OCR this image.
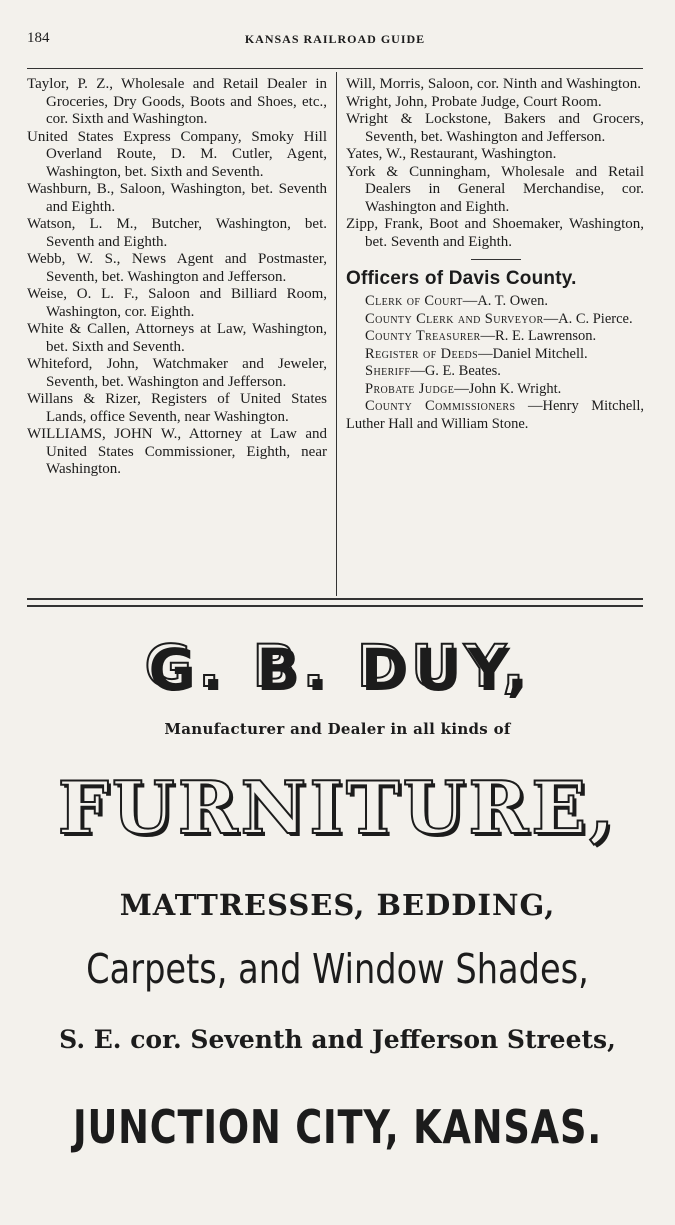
184	KANSAS RAILROAD GUIDE

Taylor, P. Z., Wholesale and Retail Dealer in Groceries, Dry Goods, Boots and Shoes, etc., cor. Sixth and Washington.

United States Express Company, Smoky Hill Overland Route, D. M. Cutler, Agent, Washington, bet. Sixth and Seventh.

Washburn, B., Saloon, Washington, bet. Seventh and Eighth.

Watson, L. M., Butcher, Washington, bet. Seventh and Eighth.

Webb, W. S., News Agent and Postmaster, Seventh, bet. Washington and Jefferson.

Weise, O. L. F., Saloon and Billiard Room, Washington, cor. Eighth.

White & Callen, Attorneys at Law, Washington, bet. Sixth and Seventh.

Whiteford, John, Watchmaker and Jeweler, Seventh, bet. Washington and Jefferson.

Willans & Rizer, Registers of United States Lands, office Seventh, near Washington.

WILLIAMS, JOHN W., Attorney at Law and United States Commissioner, Eighth, near Washington.

Will, Morris, Saloon, cor. Ninth and Washington.

Wright, John, Probate Judge, Court Room.

Wright & Lockstone, Bakers and Grocers, Seventh, bet. Washington and Jefferson.

Yates, W., Restaurant, Washington.

York & Cunningham, Wholesale and Retail Dealers in General Merchandise, cor. Washington and Eighth.

Zipp, Frank, Boot and Shoemaker, Washington, bet. Seventh and Eighth.

Officers of Davis County.

Clerk of Court—A. T. Owen.

County Clerk and Surveyor—A. C. Pierce.

County Treasurer—R. E. Lawrenson.

Register of Deeds—Daniel Mitchell.

Sheriff—G. E. Beates.

Probate Judge—John K. Wright.

County Commissioners —Henry Mitchell, Luther Hall and William Stone.

G. B. DUY,
Manufacturer and Dealer in all kinds of
FURNITURE,
MATTRESSES, BEDDING,
Carpets, and Window Shades,
S. E. cor. Seventh and Jefferson Streets,
JUNCTION CITY, KANSAS.
